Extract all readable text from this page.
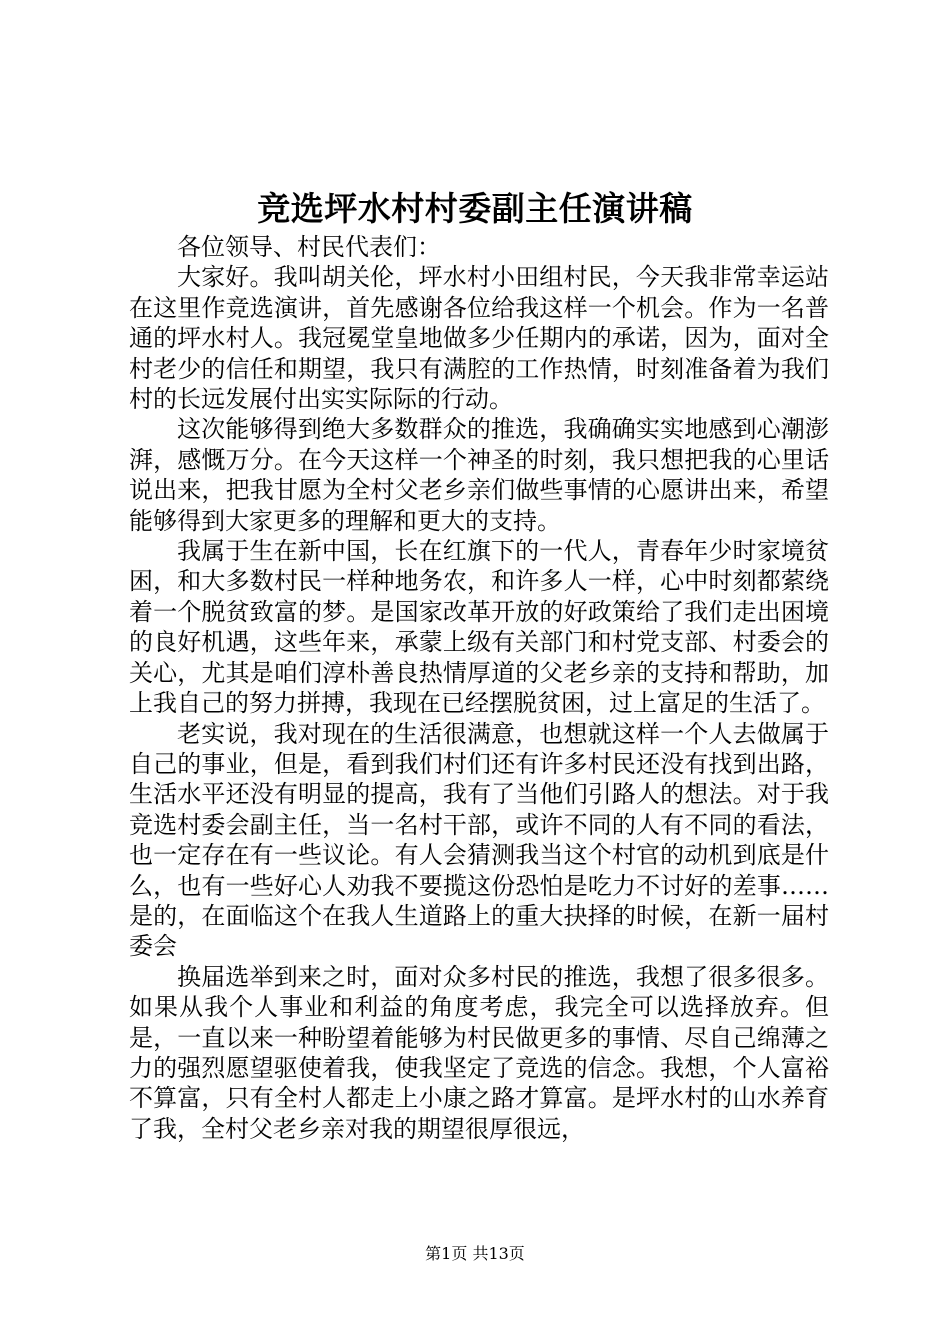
竞选坪水村村委副主任演讲稿

各位领导、村民代表们：

大家好。我叫胡关伦，坪水村小田组村民，今天我非常幸运站在这里作竞选演讲，首先感谢各位给我这样一个机会。作为一名普通的坪水村人。我冠冕堂皇地做多少任期内的承诺，因为，面对全村老少的信任和期望，我只有满腔的工作热情，时刻准备着为我们村的长远发展付出实实际际的行动。

这次能够得到绝大多数群众的推选，我确确实实地感到心潮澎湃，感慨万分。在今天这样一个神圣的时刻，我只想把我的心里话说出来，把我甘愿为全村父老乡亲们做些事情的心愿讲出来，希望能够得到大家更多的理解和更大的支持。

我属于生在新中国，长在红旗下的一代人，青春年少时家境贫困，和大多数村民一样种地务农，和许多人一样，心中时刻都萦绕着一个脱贫致富的梦。是国家改革开放的好政策给了我们走出困境的良好机遇，这些年来，承蒙上级有关部门和村党支部、村委会的关心，尤其是咱们淳朴善良热情厚道的父老乡亲的支持和帮助，加上我自己的努力拼搏，我现在已经摆脱贫困，过上富足的生活了。

老实说，我对现在的生活很满意，也想就这样一个人去做属于自己的事业，但是，看到我们村们还有许多村民还没有找到出路，生活水平还没有明显的提高，我有了当他们引路人的想法。对于我竞选村委会副主任，当一名村干部，或许不同的人有不同的看法，也一定存在有一些议论。有人会猜测我当这个村官的动机到底是什么，也有一些好心人劝我不要揽这份恐怕是吃力不讨好的差事……是的，在面临这个在我人生道路上的重大抉择的时候，在新一届村委会

换届选举到来之时，面对众多村民的推选，我想了很多很多。如果从我个人事业和利益的角度考虑，我完全可以选择放弃。但是，一直以来一种盼望着能够为村民做更多的事情、尽自己绵薄之力的强烈愿望驱使着我，使我坚定了竞选的信念。我想，个人富裕不算富，只有全村人都走上小康之路才算富。是坪水村的山水养育了我，全村父老乡亲对我的期望很厚很远，

第1页 共13页
